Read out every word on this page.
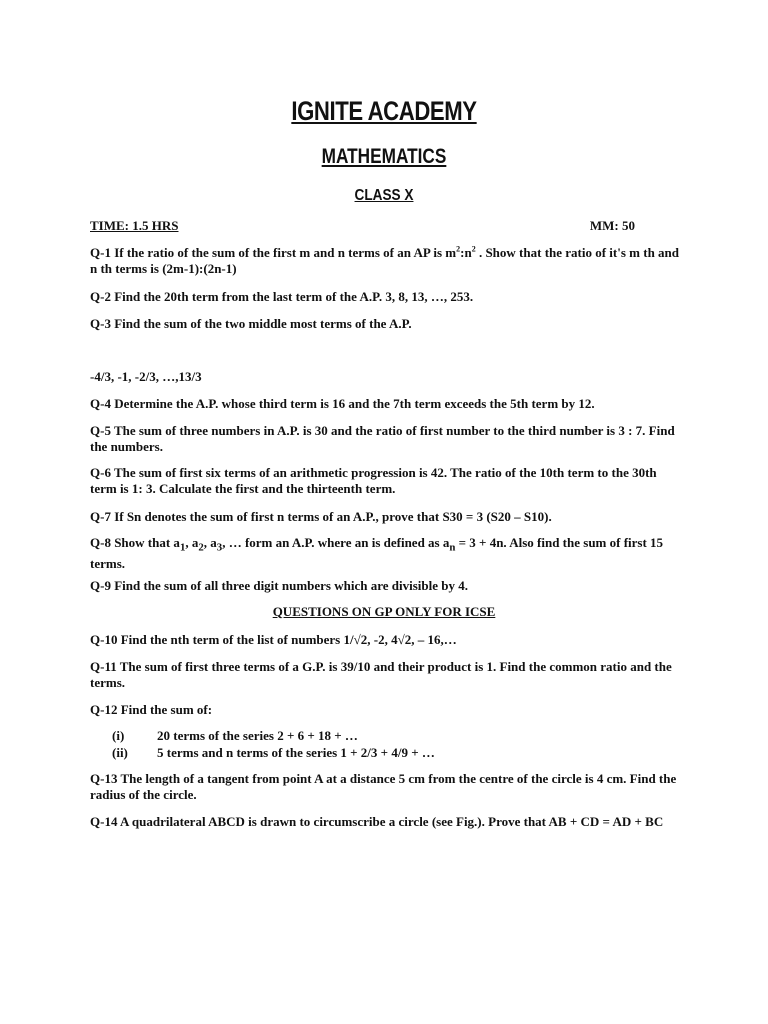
IGNITE ACADEMY
MATHEMATICS
CLASS X
TIME: 1.5 HRS	MM: 50
Q-1 If the ratio of the sum of the first m and n terms of an AP is $m^2:n^2$ . Show that the ratio of it's m th and n th terms is (2m-1):(2n-1)
Q-2 Find the 20th term from the last term of the A.P. 3, 8, 13, …, 253.
Q-3 Find the sum of the two middle most terms of the A.P.
-4/3, -1, -2/3, …,13/3
Q-4 Determine the A.P. whose third term is 16 and the 7th term exceeds the 5th term by 12.
Q-5 The sum of three numbers in A.P. is 30 and the ratio of first number to the third number is 3 : 7. Find the numbers.
Q-6 The sum of first six terms of an arithmetic progression is 42. The ratio of the 10th term to the 30th term is 1: 3. Calculate the first and the thirteenth term.
Q-7 If Sn denotes the sum of first n terms of an A.P., prove that S30 = 3 (S20 – S10).
Q-8 Show that $a_1$, $a_2$, $a_3$, … form an A.P. where an is defined as $a_n = 3 + 4n$. Also find the sum of first 15 terms.
Q-9 Find the sum of all three digit numbers which are divisible by 4.
QUESTIONS ON GP ONLY FOR ICSE
Q-10 Find the nth term of the list of numbers 1/√2, -2, 4√2, – 16,…
Q-11 The sum of first three terms of a G.P. is 39/10 and their product is 1. Find the common ratio and the terms.
Q-12 Find the sum of:
(i)	20 terms of the series 2 + 6 + 18 + …
(ii) 5 terms and n terms of the series 1 + 2/3 + 4/9 + …
Q-13 The length of a tangent from point A at a distance 5 cm from the centre of the circle is 4 cm. Find the radius of the circle.
Q-14 A quadrilateral ABCD is drawn to circumscribe a circle (see Fig.). Prove that AB + CD = AD + BC
